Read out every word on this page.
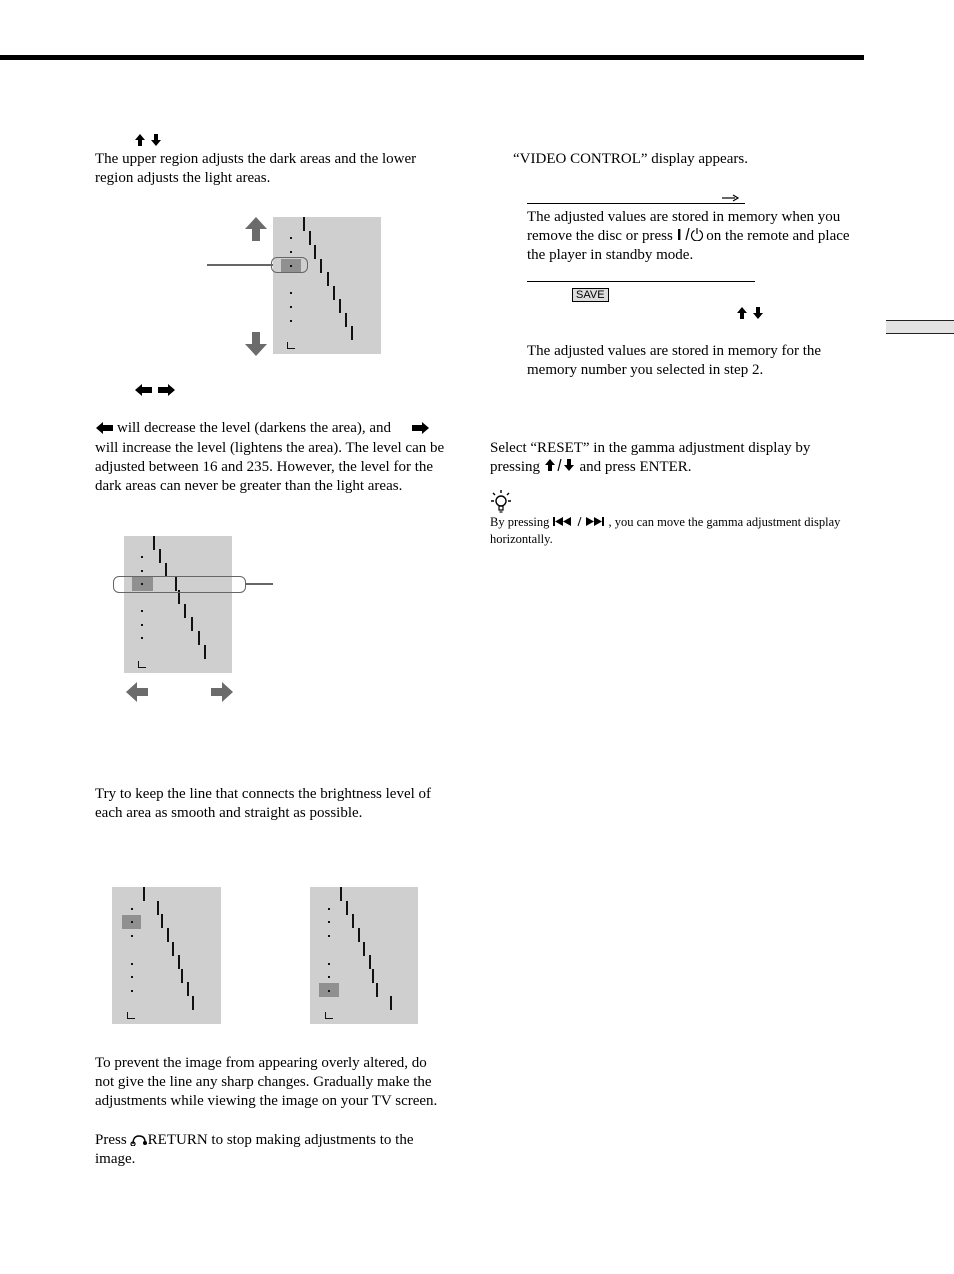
The upper region adjusts the dark areas and the lower region adjusts the light areas.
will decrease the level (darkens the area), and
will increase the level (lightens the area). The level can be adjusted between 16 and 235. However, the level for the dark areas can never be greater than the light areas.
Try to keep the line that connects the brightness level of each area as smooth and straight as possible.
To prevent the image from appearing overly altered, do not give the line any sharp changes. Gradually make the adjustments while viewing the image on your TV screen.
Press RETURN to stop making adjustments to the image.
“VIDEO CONTROL” display appears.
The adjusted values are stored in memory when you remove the disc or press on the remote and place the player in standby mode.
SAVE
The adjusted values are stored in memory for the memory number you selected in step 2.
Select “RESET” in the gamma adjustment display by pressing	and press ENTER.
By pressing	, you can move the gamma adjustment display horizontally.
